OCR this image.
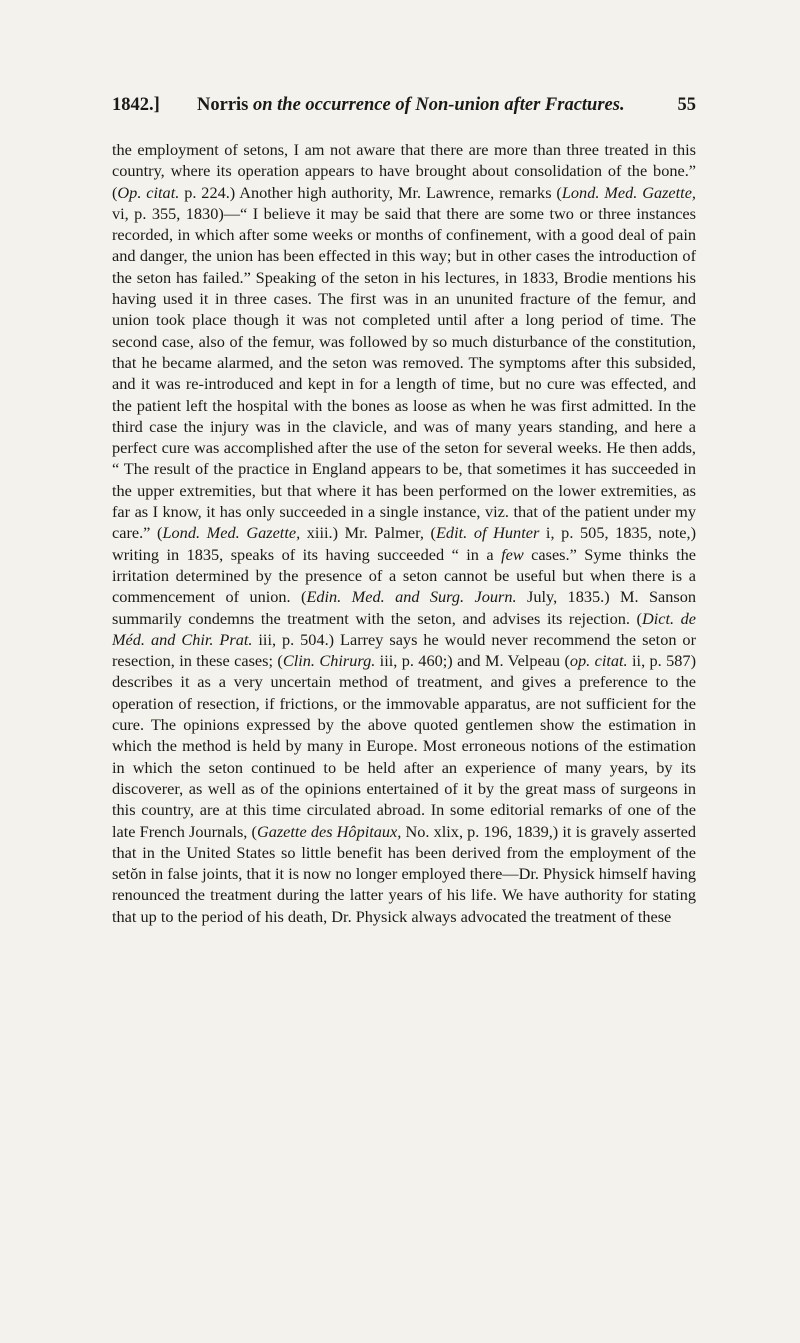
1842.] Norris on the occurrence of Non-union after Fractures.	55

the employment of setons, I am not aware that there are more than three treated in this country, where its operation appears to have brought about consolidation of the bone.” (Op. citat. p. 224.) Another high authority, Mr. Lawrence, remarks (Lond. Med. Gazette, vi, p. 355, 1830)—“ I believe it may be said that there are some two or three instances recorded, in which after some weeks or months of confinement, with a good deal of pain and danger, the union has been effected in this way; but in other cases the introduction of the seton has failed.” Speaking of the seton in his lectures, in 1833, Brodie mentions his having used it in three cases. The first was in an ununited fracture of the femur, and union took place though it was not completed until after a long period of time. The second case, also of the femur, was followed by so much disturbance of the constitution, that he became alarmed, and the seton was removed. The symptoms after this subsided, and it was re-introduced and kept in for a length of time, but no cure was effected, and the patient left the hospital with the bones as loose as when he was first admitted. In the third case the injury was in the clavicle, and was of many years standing, and here a perfect cure was accomplished after the use of the seton for several weeks. He then adds, “ The result of the practice in England appears to be, that sometimes it has succeeded in the upper extremities, but that where it has been performed on the lower extremities, as far as I know, it has only succeeded in a single instance, viz. that of the patient under my care.” (Lond. Med. Gazette, xiii.) Mr. Palmer, (Edit. of Hunter i, p. 505, 1835, note,) writing in 1835, speaks of its having succeeded “ in a few cases.” Syme thinks the irritation determined by the presence of a seton cannot be useful but when there is a commencement of union. (Edin. Med. and Surg. Journ. July, 1835.) M. Sanson summarily condemns the treatment with the seton, and advises its rejection. (Dict. de Méd. and Chir. Prat. iii, p. 504.) Larrey says he would never recommend the seton or resection, in these cases; (Clin. Chirurg. iii, p. 460;) and M. Velpeau (op. citat. ii, p. 587) describes it as a very uncertain method of treatment, and gives a preference to the operation of resection, if frictions, or the immovable apparatus, are not sufficient for the cure. The opinions expressed by the above quoted gentlemen show the estimation in which the method is held by many in Europe. Most erroneous notions of the estimation in which the seton continued to be held after an experience of many years, by its discoverer, as well as of the opinions entertained of it by the great mass of surgeons in this country, are at this time circulated abroad. In some editorial remarks of one of the late French Journals, (Gazette des Hôpitaux, No. xlix, p. 196, 1839,) it is gravely asserted that in the United States so little benefit has been derived from the employment of the setŏn in false joints, that it is now no longer employed there—Dr. Physick himself having renounced the treatment during the latter years of his life. We have authority for stating that up to the period of his death, Dr. Physick always advocated the treatment of these
